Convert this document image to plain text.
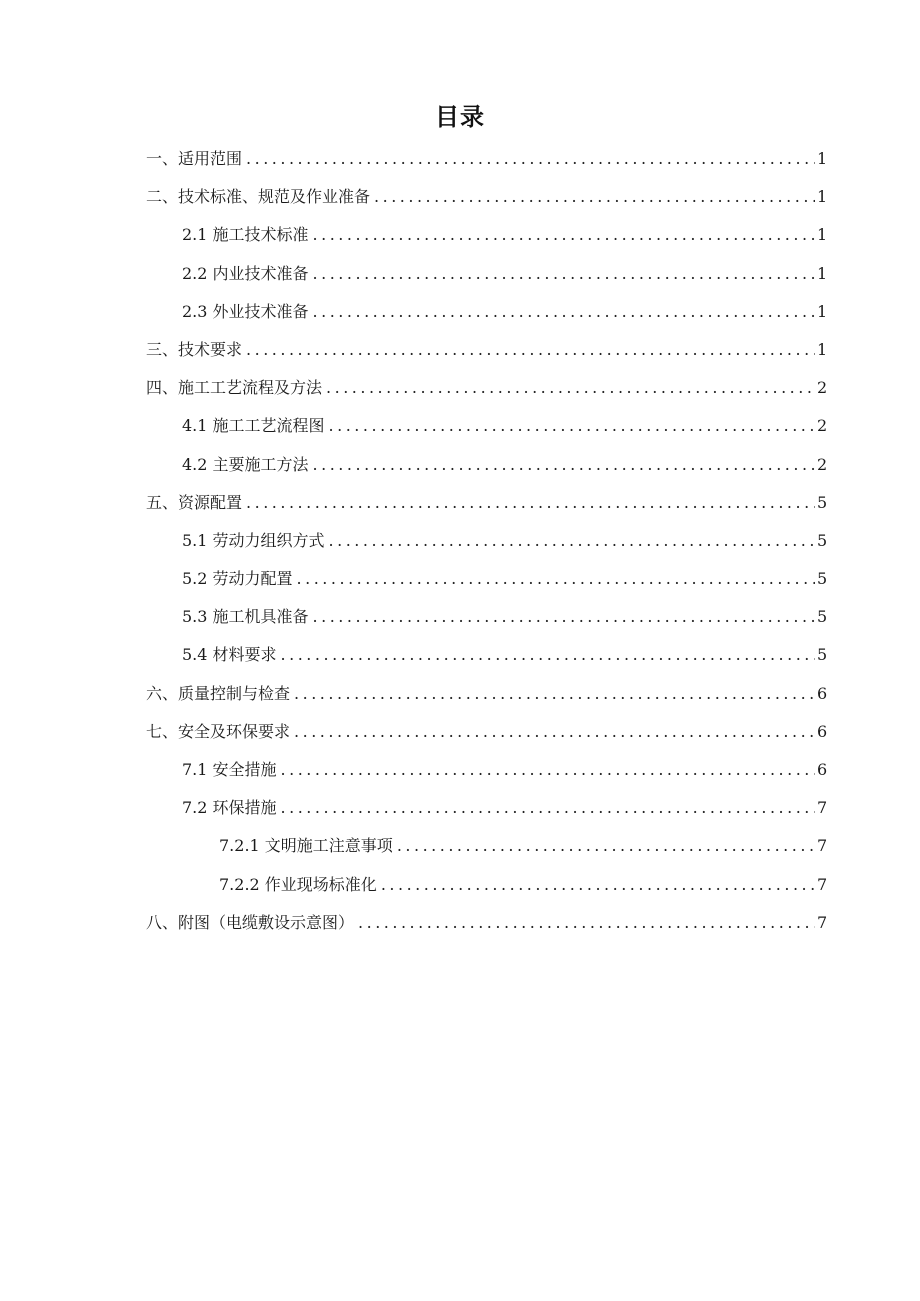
目录
一、适用范围 .....	1
二、技术标准、规范及作业准备 .....	1
2.1 施工技术标准 .....	1
2.2 内业技术准备 .....	1
2.3 外业技术准备 .....	1
三、技术要求 .....	1
四、施工工艺流程及方法 .....	2
4.1 施工工艺流程图 .....	2
4.2 主要施工方法 .....	2
五、资源配置 .....	5
5.1 劳动力组织方式 .....	5
5.2 劳动力配置 .....	5
5.3 施工机具准备 .....	5
5.4 材料要求 .....	5
六、质量控制与检查 .....	6
七、安全及环保要求 .....	6
7.1 安全措施 .....	6
7.2 环保措施 .....	7
7.2.1 文明施工注意事项 .....	7
7.2.2 作业现场标准化 .....	7
八、附图（电缆敷设示意图） .....	7
